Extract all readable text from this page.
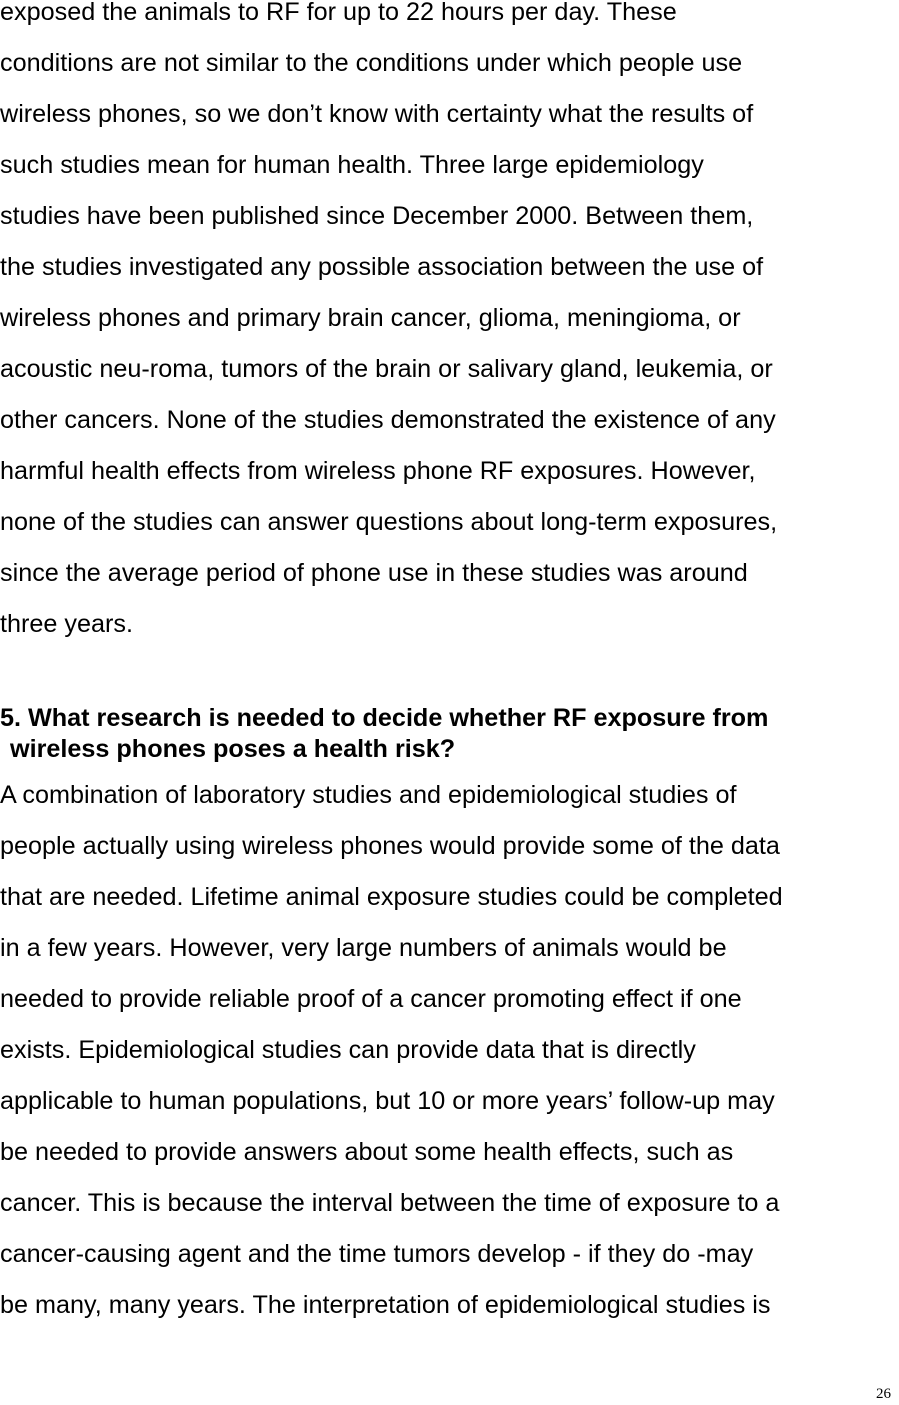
exposed the animals to RF for up to 22 hours per day. These
conditions are not similar to the conditions under which people use
wireless phones, so we don’t know with certainty what the results of
such studies mean for human health. Three large epidemiology
studies have been published since December 2000. Between them,
the studies investigated any possible association between the use of
wireless phones and primary brain cancer, glioma, meningioma, or
acoustic neu-roma, tumors of the brain or salivary gland, leukemia, or
other cancers. None of the studies demonstrated the existence of any
harmful health effects from wireless phone RF exposures. However,
none of the studies can answer questions about long-term exposures,
since the average period of phone use in these studies was around
three years.
5. What research is needed to decide whether RF exposure from
wireless phones poses a health risk?
A combination of laboratory studies and epidemiological studies of
people actually using wireless phones would provide some of the data
that are needed. Lifetime animal exposure studies could be completed
in a few years. However, very large numbers of animals would be
needed to provide reliable proof of a cancer promoting effect if one
exists. Epidemiological studies can provide data that is directly
applicable to human populations, but 10 or more years’ follow-up may
be needed to provide answers about some health effects, such as
cancer. This is because the interval between the time of exposure to a
cancer-causing agent and the time tumors develop - if they do -may
be many, many years. The interpretation of epidemiological studies is
26
